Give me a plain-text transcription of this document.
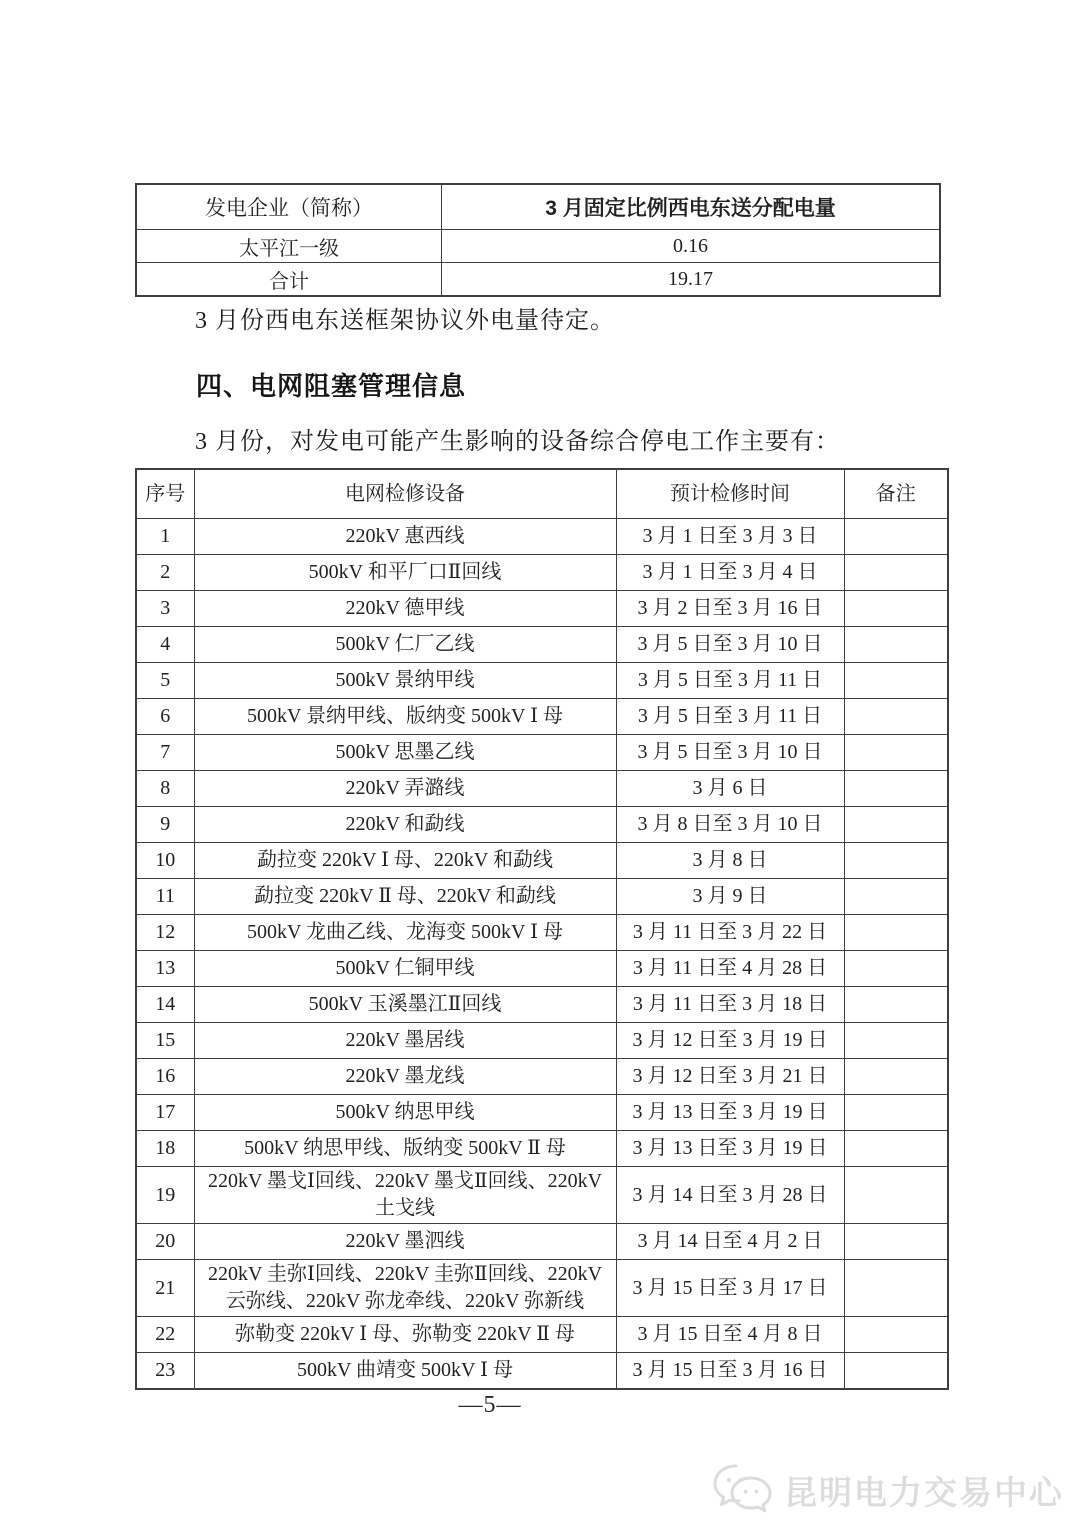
发电企业（简称）	3 月固定比例西电东送分配电量
太平江一级	0.16
合计	19.17

3 月份西电东送框架协议外电量待定。

四、电网阻塞管理信息

3 月份，对发电可能产生影响的设备综合停电工作主要有：

序号	电网检修设备	预计检修时间	备注
1	220kV 惠西线	3 月 1 日至 3 月 3 日	
2	500kV 和平厂口Ⅱ回线	3 月 1 日至 3 月 4 日	
3	220kV 德甲线	3 月 2 日至 3 月 16 日	
4	500kV 仁厂乙线	3 月 5 日至 3 月 10 日	
5	500kV 景纳甲线	3 月 5 日至 3 月 11 日	
6	500kV 景纳甲线、版纳变 500kV Ⅰ 母	3 月 5 日至 3 月 11 日	
7	500kV 思墨乙线	3 月 5 日至 3 月 10 日	
8	220kV 弄潞线	3 月 6 日	
9	220kV 和勐线	3 月 8 日至 3 月 10 日	
10	勐拉变 220kV Ⅰ 母、220kV 和勐线	3 月 8 日	
11	勐拉变 220kV Ⅱ 母、220kV 和勐线	3 月 9 日	
12	500kV 龙曲乙线、龙海变 500kV Ⅰ 母	3 月 11 日至 3 月 22 日	
13	500kV 仁铜甲线	3 月 11 日至 4 月 28 日	
14	500kV 玉溪墨江Ⅱ回线	3 月 11 日至 3 月 18 日	
15	220kV 墨居线	3 月 12 日至 3 月 19 日	
16	220kV 墨龙线	3 月 12 日至 3 月 21 日	
17	500kV 纳思甲线	3 月 13 日至 3 月 19 日	
18	500kV 纳思甲线、版纳变 500kV Ⅱ 母	3 月 13 日至 3 月 19 日	
19	220kV 墨戈Ⅰ回线、220kV 墨戈Ⅱ回线、220kV 土戈线	3 月 14 日至 3 月 28 日	
20	220kV 墨泗线	3 月 14 日至 4 月 2 日	
21	220kV 圭弥Ⅰ回线、220kV 圭弥Ⅱ回线、220kV 云弥线、220kV 弥龙牵线、220kV 弥新线	3 月 15 日至 3 月 17 日	
22	弥勒变 220kV Ⅰ 母、弥勒变 220kV Ⅱ 母	3 月 15 日至 4 月 8 日	
23	500kV 曲靖变 500kV Ⅰ 母	3 月 15 日至 3 月 16 日	
—5—
昆明电力交易中心
